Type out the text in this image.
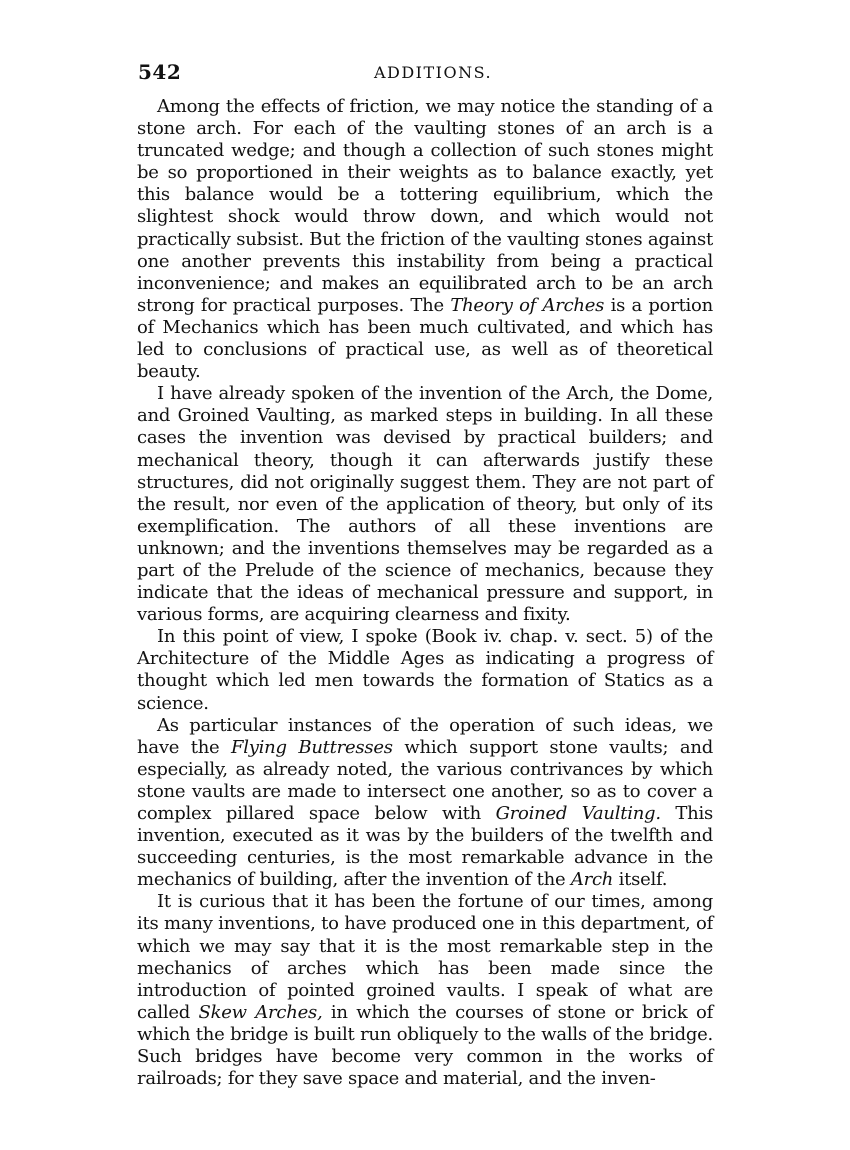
542	ADDITIONS.

Among the effects of friction, we may notice the standing of a stone arch. For each of the vaulting stones of an arch is a truncated wedge; and though a collection of such stones might be so proportioned in their weights as to balance exactly, yet this balance would be a tottering equilibrium, which the slightest shock would throw down, and which would not practically subsist. But the friction of the vaulting stones against one another prevents this instability from being a practical inconvenience; and makes an equilibrated arch to be an arch strong for practical purposes. The Theory of Arches is a portion of Mechanics which has been much cultivated, and which has led to conclusions of practical use, as well as of theoretical beauty.

I have already spoken of the invention of the Arch, the Dome, and Groined Vaulting, as marked steps in building. In all these cases the invention was devised by practical builders; and mechanical theory, though it can afterwards justify these structures, did not originally suggest them. They are not part of the result, nor even of the application of theory, but only of its exemplification. The authors of all these inventions are unknown; and the inventions themselves may be regarded as a part of the Prelude of the science of mechanics, because they indicate that the ideas of mechanical pressure and support, in various forms, are acquiring clearness and fixity.

In this point of view, I spoke (Book iv. chap. v. sect. 5) of the Architecture of the Middle Ages as indicating a progress of thought which led men towards the formation of Statics as a science.

As particular instances of the operation of such ideas, we have the Flying Buttresses which support stone vaults; and especially, as already noted, the various contrivances by which stone vaults are made to intersect one another, so as to cover a complex pillared space below with Groined Vaulting. This invention, executed as it was by the builders of the twelfth and succeeding centuries, is the most remarkable advance in the mechanics of building, after the invention of the Arch itself.

It is curious that it has been the fortune of our times, among its many inventions, to have produced one in this department, of which we may say that it is the most remarkable step in the mechanics of arches which has been made since the introduction of pointed groined vaults. I speak of what are called Skew Arches, in which the courses of stone or brick of which the bridge is built run obliquely to the walls of the bridge. Such bridges have become very common in the works of railroads; for they save space and material, and the inven-
